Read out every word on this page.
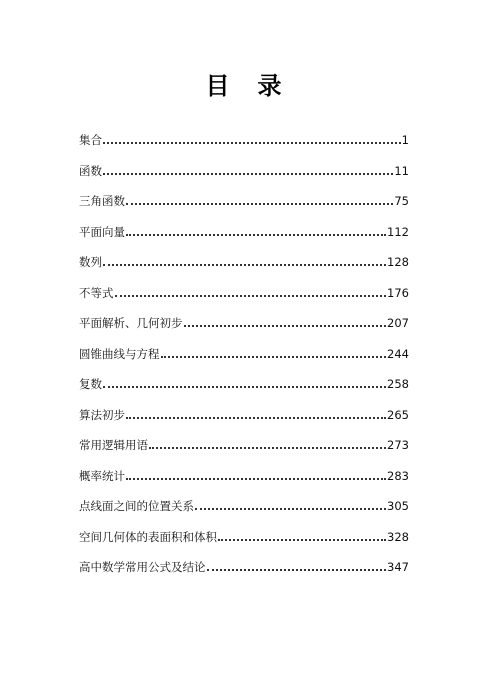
目 录
集合	1
函数	11
三角函数	75
平面向量	112
数列	128
不等式	176
平面解析、几何初步	207
圆锥曲线与方程	244
复数	258
算法初步	265
常用逻辑用语	273
概率统计	283
点线面之间的位置关系	305
空间几何体的表面积和体积	328
高中数学常用公式及结论	347
